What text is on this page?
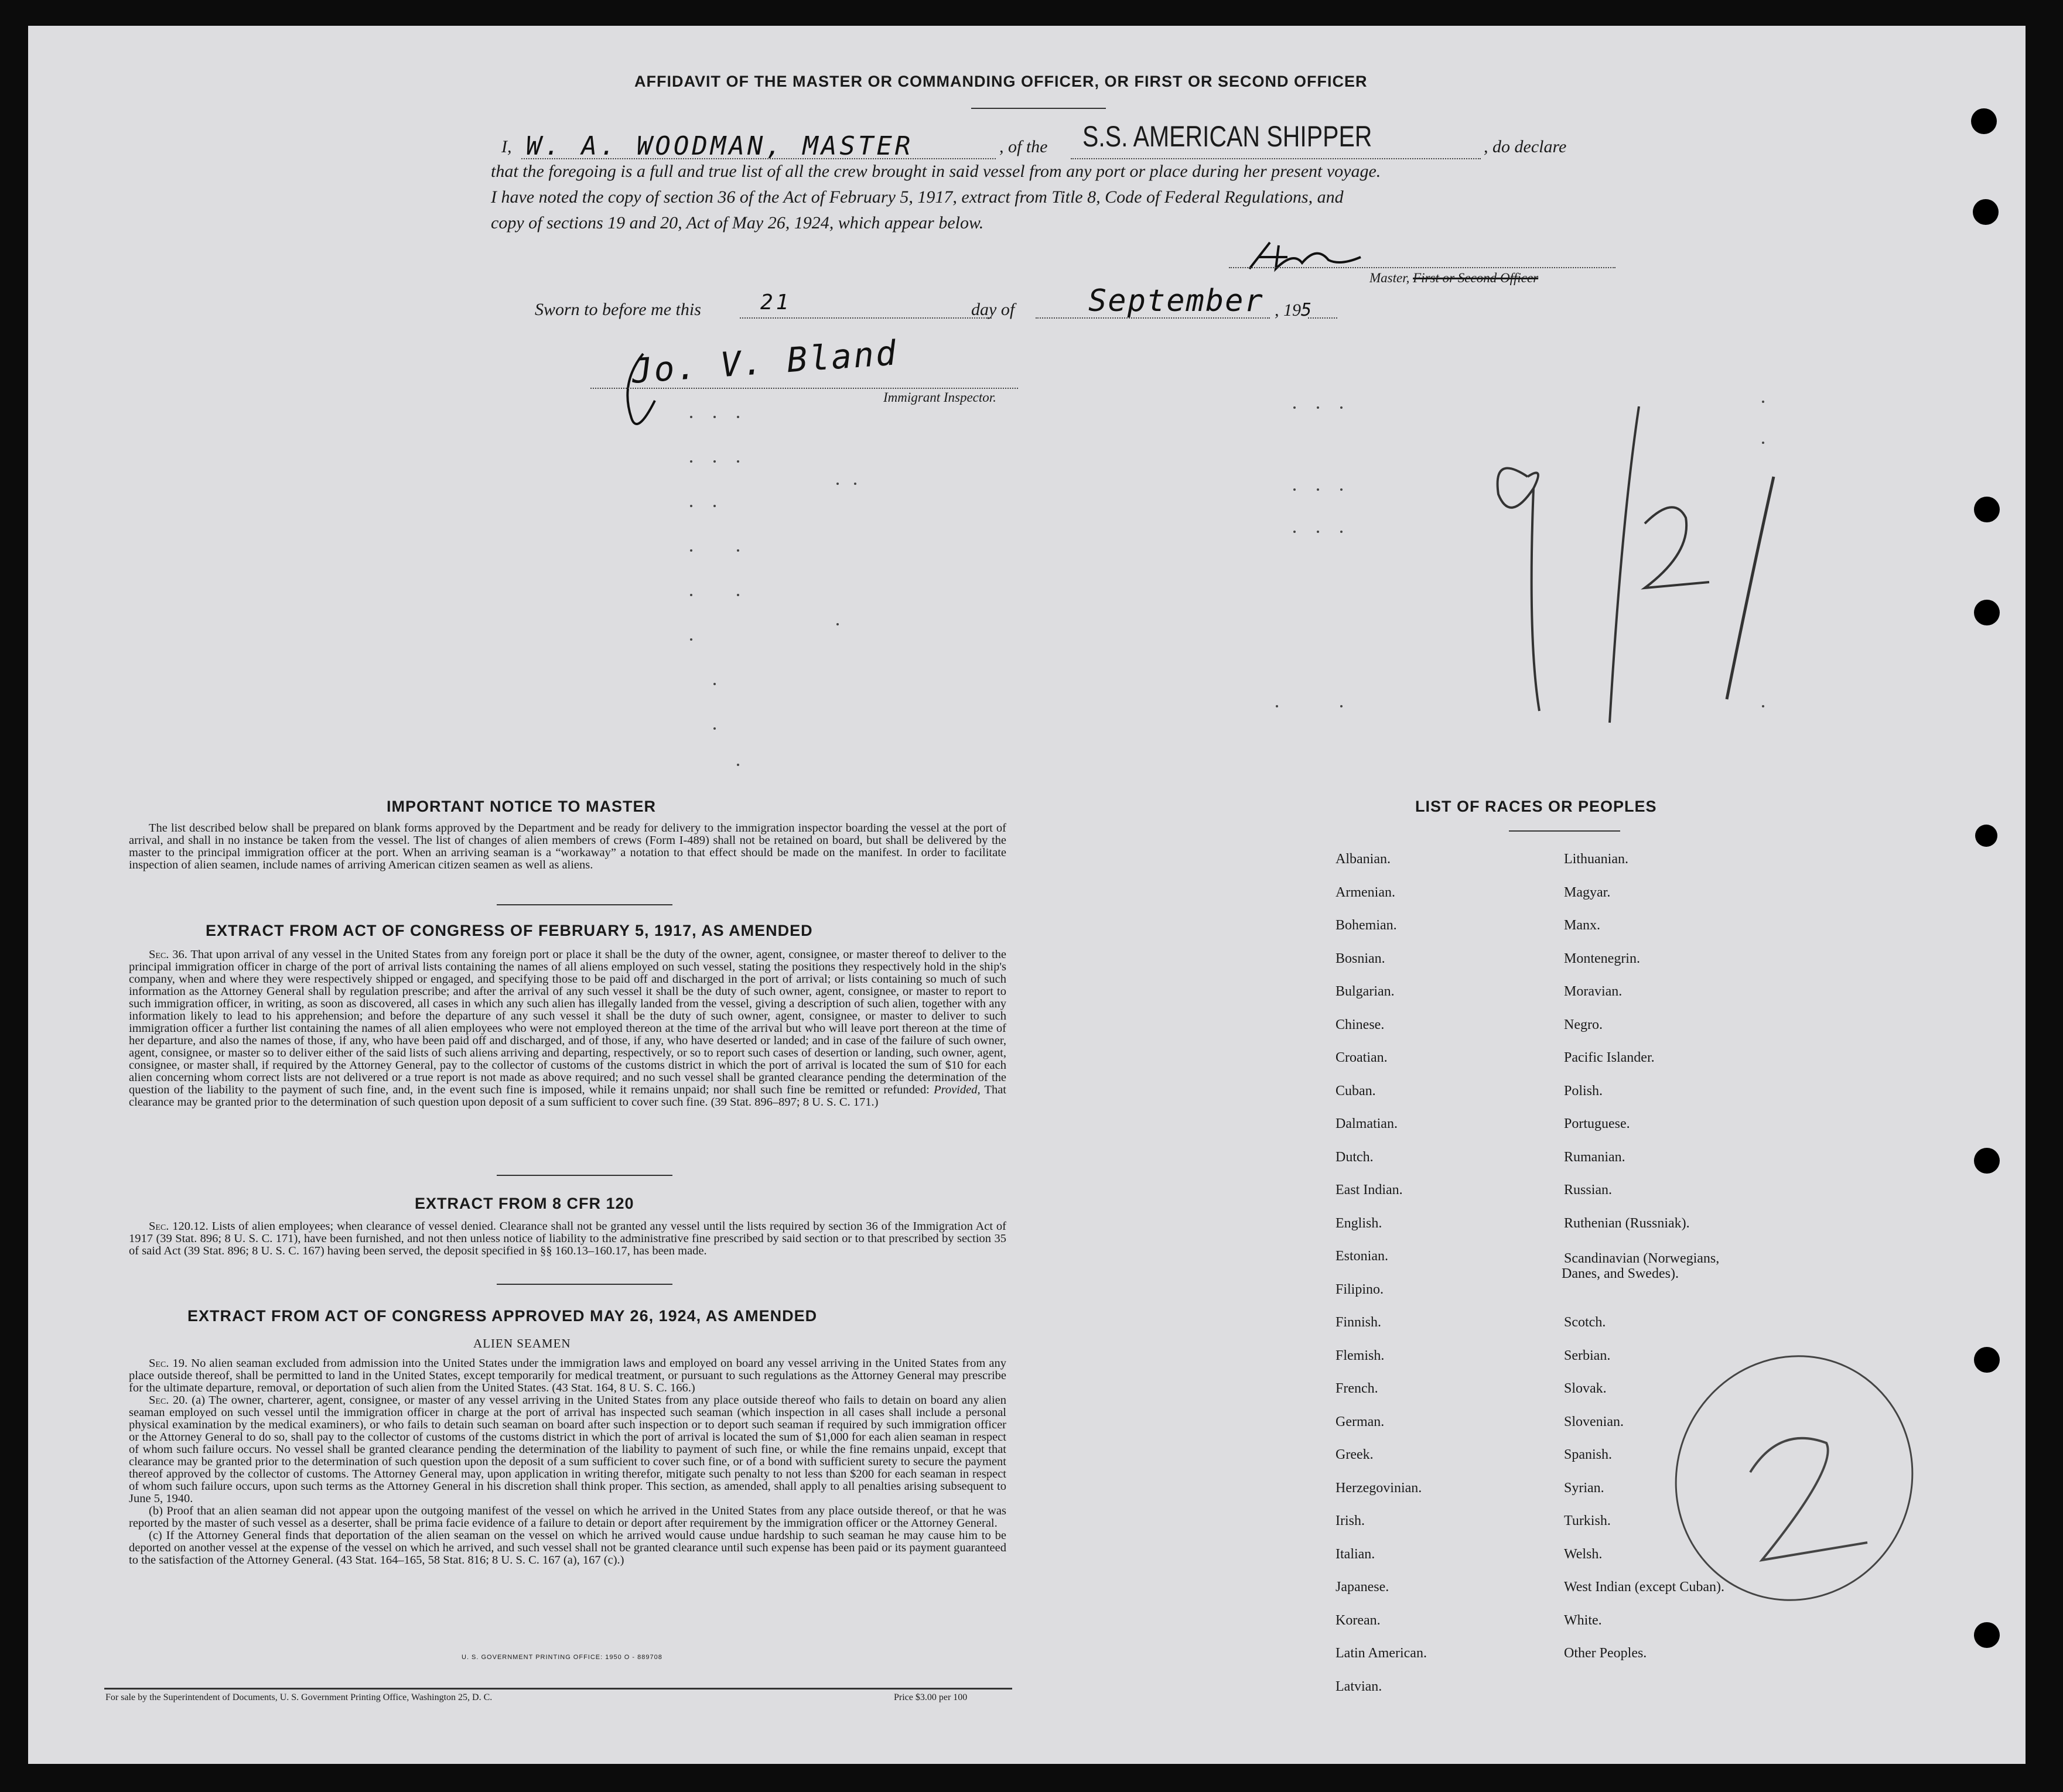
AFFIDAVIT OF THE MASTER OR COMMANDING OFFICER, OR FIRST OR SECOND OFFICER
I, W. A. WOODMAN, MASTER	, of the S.S. AMERICAN SHIPPER	, do declare
that the foregoing is a full and true list of all the crew brought in said vessel from any port or place during her present voyage.
I have noted the copy of section 36 of the Act of February 5, 1917, extract from Title 8, Code of Federal Regulations, and
copy of sections 19 and 20, Act of May 26, 1924, which appear below.
Master, First or Second Officer
Sworn to before me this	21	day of September , 195
Jo. V. Bland
Immigrant Inspector.
IMPORTANT NOTICE TO MASTER

The list described below shall be prepared on blank forms approved by the Department and be ready for delivery to the immigration inspector boarding the vessel at the port of arrival, and shall in no instance be taken from the vessel. The list of changes of alien members of crews (Form I-489) shall not be retained on board, but shall be delivered by the master to the principal immigration officer at the port. When an arriving seaman is a “workaway” a notation to that effect should be made on the manifest. In order to facilitate inspection of alien seamen, include names of arriving American citizen seamen as well as aliens.

EXTRACT FROM ACT OF CONGRESS OF FEBRUARY 5, 1917, AS AMENDED

Sec. 36. That upon arrival of any vessel in the United States from any foreign port or place it shall be the duty of the owner, agent, consignee, or master thereof to deliver to the principal immigration officer in charge of the port of arrival lists containing the names of all aliens employed on such vessel, stating the positions they respectively hold in the ship's company, when and where they were respectively shipped or engaged, and specifying those to be paid off and discharged in the port of arrival; or lists containing so much of such information as the Attorney General shall by regulation prescribe; and after the arrival of any such vessel it shall be the duty of such owner, agent, consignee, or master to report to such immigration officer, in writing, as soon as discovered, all cases in which any such alien has illegally landed from the vessel, giving a description of such alien, together with any information likely to lead to his apprehension; and before the departure of any such vessel it shall be the duty of such owner, agent, consignee, or master to deliver to such immigration officer a further list containing the names of all alien employees who were not employed thereon at the time of the arrival but who will leave port thereon at the time of her departure, and also the names of those, if any, who have been paid off and discharged, and of those, if any, who have deserted or landed; and in case of the failure of such owner, agent, consignee, or master so to deliver either of the said lists of such aliens arriving and departing, respectively, or so to report such cases of desertion or landing, such owner, agent, consignee, or master shall, if required by the Attorney General, pay to the collector of customs of the customs district in which the port of arrival is located the sum of $10 for each alien concerning whom correct lists are not delivered or a true report is not made as above required; and no such vessel shall be granted clearance pending the determination of the question of the liability to the payment of such fine, and, in the event such fine is imposed, while it remains unpaid; nor shall such fine be remitted or refunded: Provided, That clearance may be granted prior to the determination of such question upon deposit of a sum sufficient to cover such fine. (39 Stat. 896–897; 8 U. S. C. 171.)

EXTRACT FROM 8 CFR 120

Sec. 120.12. Lists of alien employees; when clearance of vessel denied. Clearance shall not be granted any vessel until the lists required by section 36 of the Immigration Act of 1917 (39 Stat. 896; 8 U. S. C. 171), have been furnished, and not then unless notice of liability to the administrative fine prescribed by said section or to that prescribed by section 35 of said Act (39 Stat. 896; 8 U. S. C. 167) having been served, the deposit specified in §§ 160.13–160.17, has been made.

EXTRACT FROM ACT OF CONGRESS APPROVED MAY 26, 1924, AS AMENDED
ALIEN SEAMEN

Sec. 19. No alien seaman excluded from admission into the United States under the immigration laws and employed on board any vessel arriving in the United States from any place outside thereof, shall be permitted to land in the United States, except temporarily for medical treatment, or pursuant to such regulations as the Attorney General may prescribe for the ultimate departure, removal, or deportation of such alien from the United States. (43 Stat. 164, 8 U. S. C. 166.)

Sec. 20. (a) The owner, charterer, agent, consignee, or master of any vessel arriving in the United States from any place outside thereof who fails to detain on board any alien seaman employed on such vessel until the immigration officer in charge at the port of arrival has inspected such seaman (which inspection in all cases shall include a personal physical examination by the medical examiners), or who fails to detain such seaman on board after such inspection or to deport such seaman if required by such immigration officer or the Attorney General to do so, shall pay to the collector of customs of the customs district in which the port of arrival is located the sum of $1,000 for each alien seaman in respect of whom such failure occurs. No vessel shall be granted clearance pending the determination of the liability to payment of such fine, or while the fine remains unpaid, except that clearance may be granted prior to the determination of such question upon the deposit of a sum sufficient to cover such fine, or of a bond with sufficient surety to secure the payment thereof approved by the collector of customs. The Attorney General may, upon application in writing therefor, mitigate such penalty to not less than $200 for each seaman in respect of whom such failure occurs, upon such terms as the Attorney General in his discretion shall think proper. This section, as amended, shall apply to all penalties arising subsequent to June 5, 1940.

(b) Proof that an alien seaman did not appear upon the outgoing manifest of the vessel on which he arrived in the United States from any place outside thereof, or that he was reported by the master of such vessel as a deserter, shall be prima facie evidence of a failure to detain or deport after requirement by the immigration officer or the Attorney General.

(c) If the Attorney General finds that deportation of the alien seaman on the vessel on which he arrived would cause undue hardship to such seaman he may cause him to be deported on another vessel at the expense of the vessel on which he arrived, and such vessel shall not be granted clearance until such expense has been paid or its payment guaranteed to the satisfaction of the Attorney General. (43 Stat. 164–165, 58 Stat. 816; 8 U. S. C. 167 (a), 167 (c).)

U. S. GOVERNMENT PRINTING OFFICE: 1950 O - 889708
For sale by the Superintendent of Documents, U. S. Government Printing Office, Washington 25, D. C.	Price $3.00 per 100
LIST OF RACES OR PEOPLES
Albanian.
Armenian.
Bohemian.
Bosnian.
Bulgarian.
Chinese.
Croatian.
Cuban.
Dalmatian.
Dutch.
East Indian.
English.
Estonian.
Filipino.
Finnish.
Flemish.
French.
German.
Greek.
Herzegovinian.
Irish.
Italian.
Japanese.
Korean.
Latin American.
Latvian.
Lithuanian.
Magyar.
Manx.
Montenegrin.
Moravian.
Negro.
Pacific Islander.
Polish.
Portuguese.
Rumanian.
Russian.
Ruthenian (Russniak).
Scandinavian (Norwegians,
Danes, and Swedes).
Scotch.
Serbian.
Slovak.
Slovenian.
Spanish.
Syrian.
Turkish.
Welsh.
West Indian (except Cuban).
White.
Other Peoples.
